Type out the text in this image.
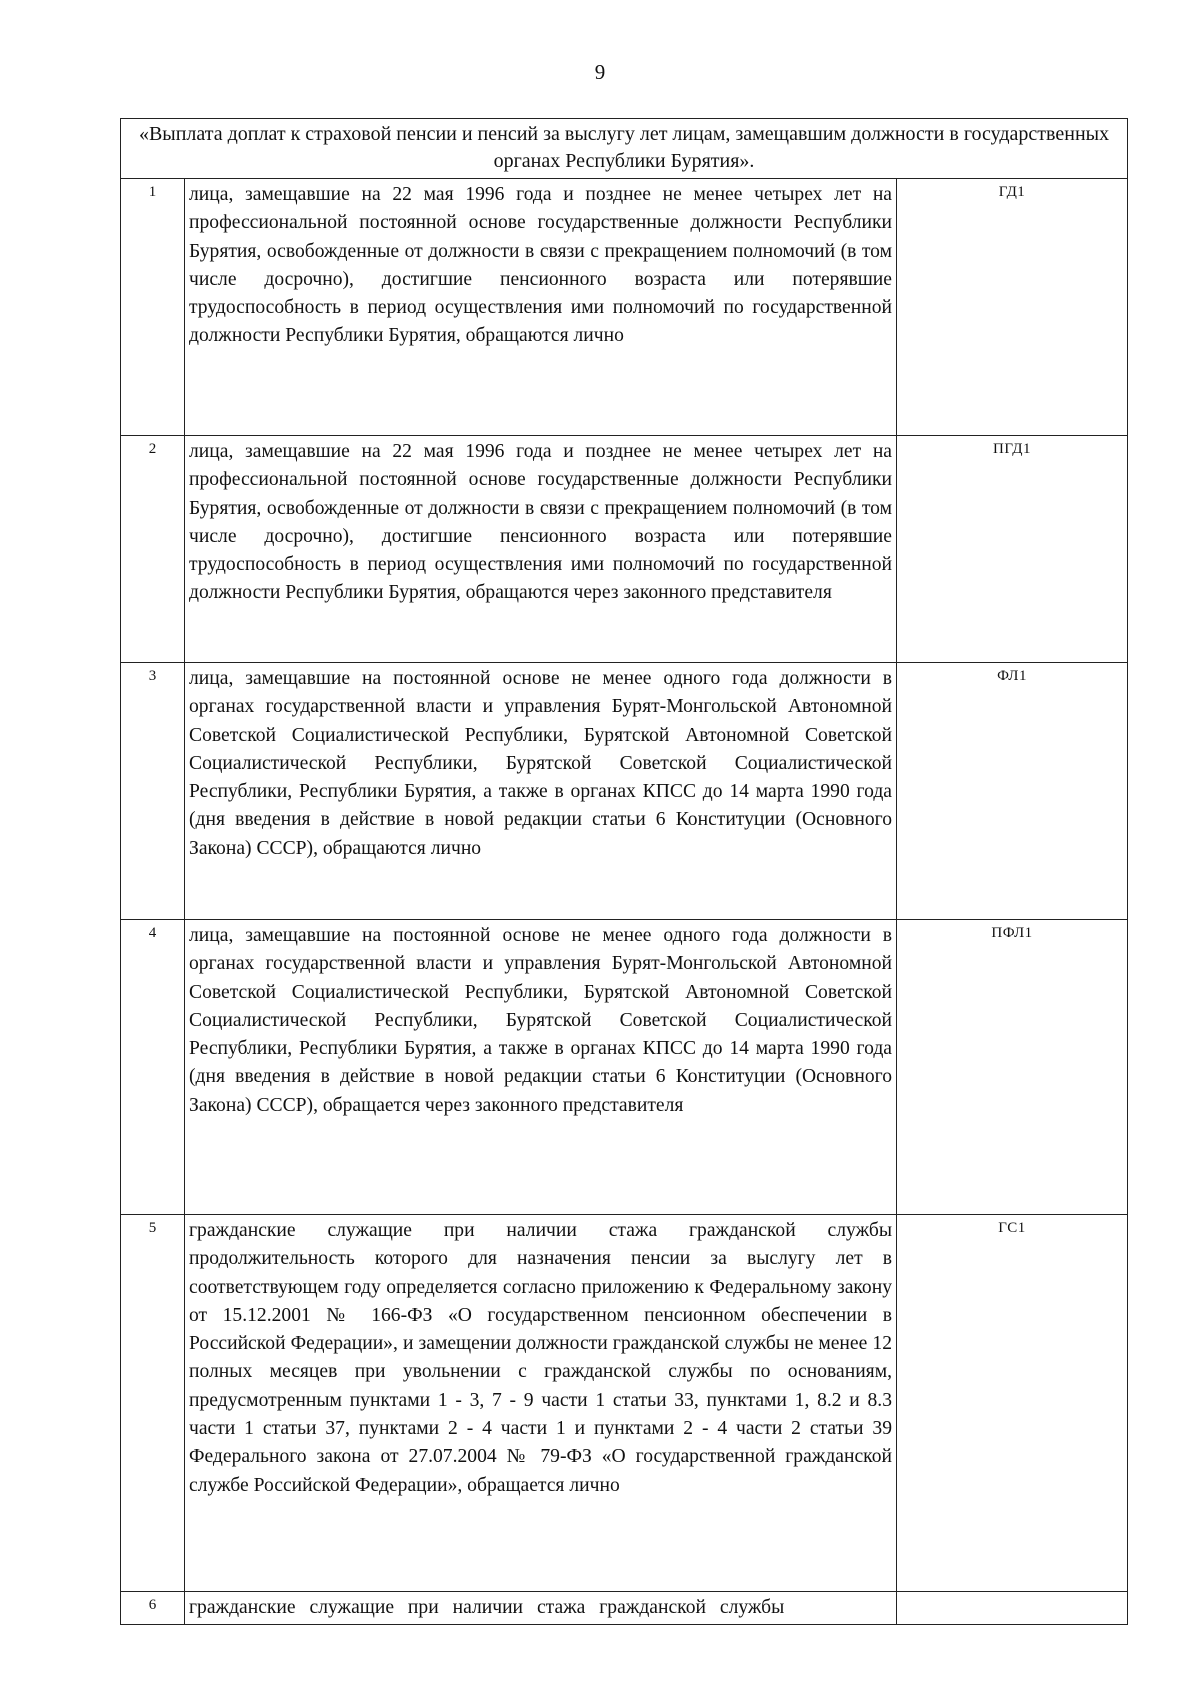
9
«Выплата доплат к страховой пенсии и пенсий за выслугу лет лицам, замещавшим должности в государственных органах Республики Бурятия».		
1	лица, замещавшие на 22 мая 1996 года и позднее не менее четырех лет на профессиональной постоянной основе государственные должности Республики Бурятия, освобожденные от должности в связи с прекращением полномочий (в том числе досрочно), достигшие пенсионного возраста или потерявшие трудоспособность в период осуществления ими полномочий по государственной должности Республики Бурятия, обращаются лично	ГД1
2	лица, замещавшие на 22 мая 1996 года и позднее не менее четырех лет на профессиональной постоянной основе государственные должности Республики Бурятия, освобожденные от должности в связи с прекращением полномочий (в том числе досрочно), достигшие пенсионного возраста или потерявшие трудоспособность в период осуществления ими полномочий по государственной должности Республики Бурятия, обращаются через законного представителя	ПГД1
3	лица, замещавшие на постоянной основе не менее одного года должности в органах государственной власти и управления Бурят-Монгольской Автономной Советской Социалистической Республики, Бурятской Автономной Советской Социалистической Республики, Бурятской Советской Социалистической Республики, Республики Бурятия, а также в органах КПСС до 14 марта 1990 года (дня введения в действие в новой редакции статьи 6 Конституции (Основного Закона) СССР), обращаются лично	ФЛ1
4	лица, замещавшие на постоянной основе не менее одного года должности в органах государственной власти и управления Бурят-Монгольской Автономной Советской Социалистической Республики, Бурятской Автономной Советской Социалистической Республики, Бурятской Советской Социалистической Республики, Республики Бурятия, а также в органах КПСС до 14 марта 1990 года (дня введения в действие в новой редакции статьи 6 Конституции (Основного Закона) СССР), обращается через законного представителя	ПФЛ1
5	гражданские служащие при наличии стажа гражданской службы продолжительность которого для назначения пенсии за выслугу лет в соответствующем году определяется согласно приложению к Федеральному закону от 15.12.2001 № 166-ФЗ «О государственном пенсионном обеспечении в Российской Федерации», и замещении должности гражданской службы не менее 12 полных месяцев при увольнении с гражданской службы по основаниям, предусмотренным пунктами 1 - 3, 7 - 9 части 1 статьи 33, пунктами 1, 8.2 и 8.3 части 1 статьи 37, пунктами 2 - 4 части 1 и пунктами 2 - 4 части 2 статьи 39 Федерального закона от 27.07.2004 № 79-ФЗ «О государственной гражданской службе Российской Федерации», обращается лично	ГС1
6	гражданские служащие при наличии стажа гражданской службы	
